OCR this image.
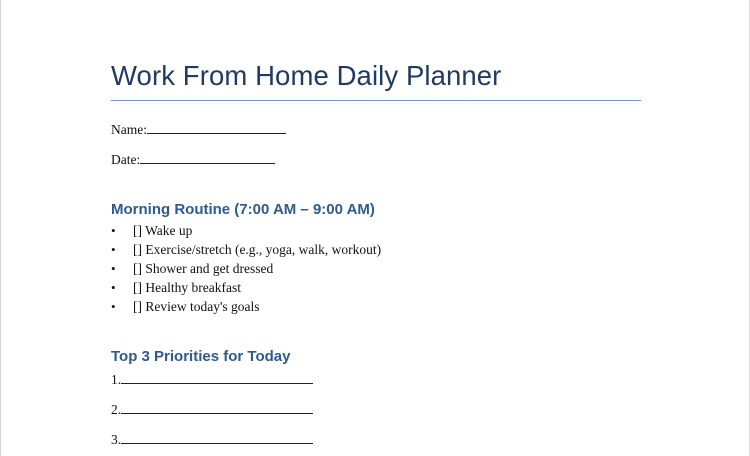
Work From Home Daily Planner
Name:
Date:
Morning Routine (7:00 AM – 9:00 AM)
• [] Wake up
• [] Exercise/stretch (e.g., yoga, walk, workout)
• [] Shower and get dressed
• [] Healthy breakfast
• [] Review today's goals
Top 3 Priorities for Today
1.
2.
3.
